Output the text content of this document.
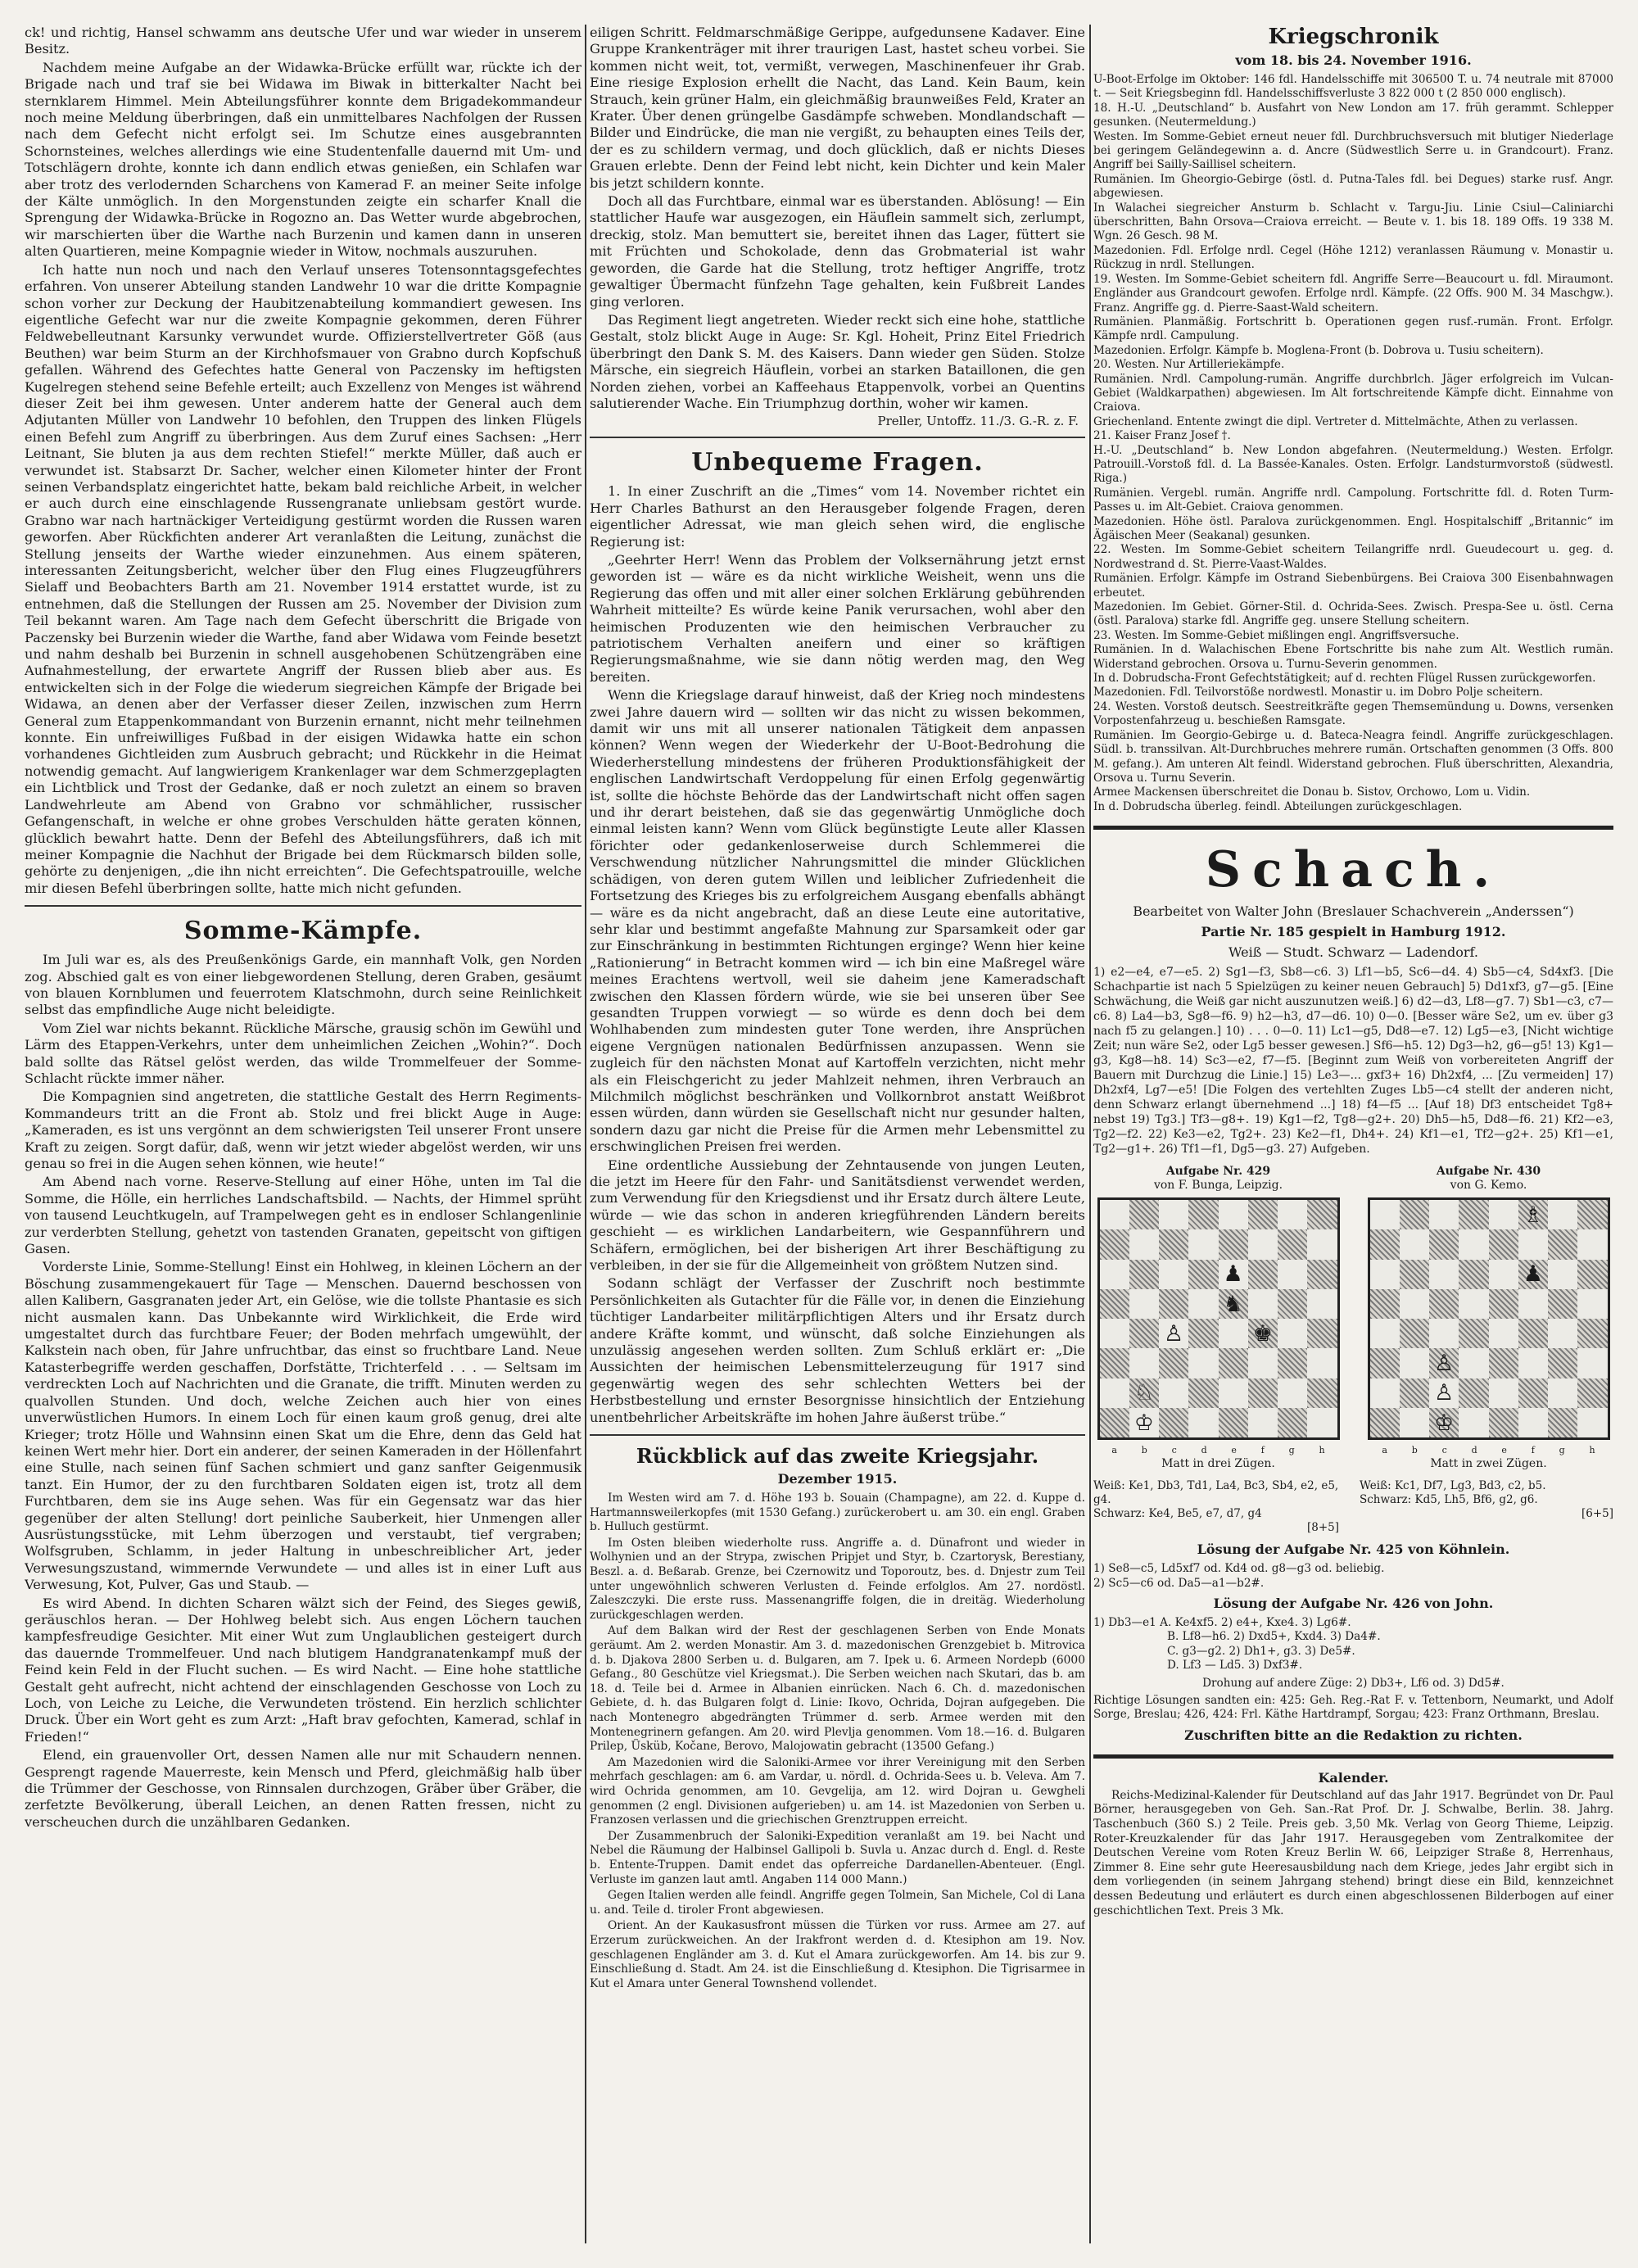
ck! und richtig, Hansel schwamm ans deutsche Ufer und war wieder in unserem Besitz.

Nachdem meine Aufgabe an der Widawka-Brücke erfüllt war, rückte ich der Brigade nach und traf sie bei Widawa im Biwak in bitterkalter Nacht bei sternklarem Himmel. Mein Abteilungsführer konnte dem Brigadekommandeur noch meine Meldung überbringen, daß ein unmittelbares Nachfolgen der Russen nach dem Gefecht nicht erfolgt sei. Im Schutze eines ausgebrannten Schornsteines, welches allerdings wie eine Studentenfalle dauernd mit Um- und Totschlägern drohte, konnte ich dann endlich etwas genießen, ein Schlafen war aber trotz des verlodernden Scharchens von Kamerad F. an meiner Seite infolge der Kälte unmöglich. In den Morgenstunden zeigte ein scharfer Knall die Sprengung der Widawka-Brücke in Rogozno an. Das Wetter wurde abgebrochen, wir marschierten über die Warthe nach Burzenin und kamen dann in unseren alten Quartieren, meine Kompagnie wieder in Witow, nochmals auszuruhen.

Ich hatte nun noch und nach den Verlauf unseres Totensonntagsgefechtes erfahren. Von unserer Abteilung standen Landwehr 10 war die dritte Kompagnie schon vorher zur Deckung der Haubitzenabteilung kommandiert gewesen. Ins eigentliche Gefecht war nur die zweite Kompagnie gekommen, deren Führer Feldwebelleutnant Karsunky verwundet wurde. Offizierstellvertreter Göß (aus Beuthen) war beim Sturm an der Kirchhofsmauer von Grabno durch Kopfschuß gefallen. Während des Gefechtes hatte General von Paczensky im heftigsten Kugelregen stehend seine Befehle erteilt; auch Exzellenz von Menges ist während dieser Zeit bei ihm gewesen. Unter anderem hatte der General auch dem Adjutanten Müller von Landwehr 10 befohlen, den Truppen des linken Flügels einen Befehl zum Angriff zu überbringen. Aus dem Zuruf eines Sachsen: „Herr Leitnant, Sie bluten ja aus dem rechten Stiefel!“ merkte Müller, daß auch er verwundet ist. Stabsarzt Dr. Sacher, welcher einen Kilometer hinter der Front seinen Verbandsplatz eingerichtet hatte, bekam bald reichliche Arbeit, in welcher er auch durch eine einschlagende Russengranate unliebsam gestört wurde. Grabno war nach hartnäckiger Verteidigung gestürmt worden die Russen waren geworfen. Aber Rückfichten anderer Art veranlaßten die Leitung, zunächst die Stellung jenseits der Warthe wieder einzunehmen. Aus einem späteren, interessanten Zeitungsbericht, welcher über den Flug eines Flugzeugführers Sielaff und Beobachters Barth am 21. November 1914 erstattet wurde, ist zu entnehmen, daß die Stellungen der Russen am 25. November der Division zum Teil bekannt waren. Am Tage nach dem Gefecht überschritt die Brigade von Paczensky bei Burzenin wieder die Warthe, fand aber Widawa vom Feinde besetzt und nahm deshalb bei Burzenin in schnell ausgehobenen Schützengräben eine Aufnahmestellung, der erwartete Angriff der Russen blieb aber aus. Es entwickelten sich in der Folge die wiederum siegreichen Kämpfe der Brigade bei Widawa, an denen aber der Verfasser dieser Zeilen, inzwischen zum Herrn General zum Etappenkommandant von Burzenin ernannt, nicht mehr teilnehmen konnte. Ein unfreiwilliges Fußbad in der eisigen Widawka hatte ein schon vorhandenes Gichtleiden zum Ausbruch gebracht; und Rückkehr in die Heimat notwendig gemacht. Auf langwierigem Krankenlager war dem Schmerzgeplagten ein Lichtblick und Trost der Gedanke, daß er noch zuletzt an einem so braven Landwehrleute am Abend von Grabno vor schmählicher, russischer Gefangenschaft, in welche er ohne grobes Verschulden hätte geraten können, glücklich bewahrt hatte. Denn der Befehl des Abteilungsführers, daß ich mit meiner Kompagnie die Nachhut der Brigade bei dem Rückmarsch bilden solle, gehörte zu denjenigen, „die ihn nicht erreichten“. Die Gefechtspatrouille, welche mir diesen Befehl überbringen sollte, hatte mich nicht gefunden.

Somme-Kämpfe.

Im Juli war es, als des Preußenkönigs Garde, ein mannhaft Volk, gen Norden zog. Abschied galt es von einer liebgewordenen Stellung, deren Graben, gesäumt von blauen Kornblumen und feuerrotem Klatschmohn, durch seine Reinlichkeit selbst das empfindliche Auge nicht beleidigte.

Vom Ziel war nichts bekannt. Rückliche Märsche, grausig schön im Gewühl und Lärm des Etappen-Verkehrs, unter dem unheimlichen Zeichen „Wohin?“. Doch bald sollte das Rätsel gelöst werden, das wilde Trommelfeuer der Somme-Schlacht rückte immer näher.

Die Kompagnien sind angetreten, die stattliche Gestalt des Herrn Regiments-Kommandeurs tritt an die Front ab. Stolz und frei blickt Auge in Auge: „Kameraden, es ist uns vergönnt an dem schwierigsten Teil unserer Front unsere Kraft zu zeigen. Sorgt dafür, daß, wenn wir jetzt wieder abgelöst werden, wir uns genau so frei in die Augen sehen können, wie heute!“

Am Abend nach vorne. Reserve-Stellung auf einer Höhe, unten im Tal die Somme, die Hölle, ein herrliches Landschaftsbild. — Nachts, der Himmel sprüht von tausend Leuchtkugeln, auf Trampelwegen geht es in endloser Schlangenlinie zur verderbten Stellung, gehetzt von tastenden Granaten, gepeitscht von giftigen Gasen.

Vorderste Linie, Somme-Stellung! Einst ein Hohlweg, in kleinen Löchern an der Böschung zusammengekauert für Tage — Menschen. Dauernd beschossen von allen Kalibern, Gasgranaten jeder Art, ein Gelöse, wie die tollste Phantasie es sich nicht ausmalen kann. Das Unbekannte wird Wirklichkeit, die Erde wird umgestaltet durch das furchtbare Feuer; der Boden mehrfach umgewühlt, der Kalkstein nach oben, für Jahre unfruchtbar, das einst so fruchtbare Land. Neue Katasterbegriffe werden geschaffen, Dorfstätte, Trichterfeld . . . — Seltsam im verdreckten Loch auf Nachrichten und die Granate, die trifft. Minuten werden zu qualvollen Stunden. Und doch, welche Zeichen auch hier von eines unverwüstlichen Humors. In einem Loch für einen kaum groß genug, drei alte Krieger; trotz Hölle und Wahnsinn einen Skat um die Ehre, denn das Geld hat keinen Wert mehr hier. Dort ein anderer, der seinen Kameraden in der Höllenfahrt eine Stulle, nach seinen fünf Sachen schmiert und ganz sanfter Geigenmusik tanzt. Ein Humor, der zu den furchtbaren Soldaten eigen ist, trotz all dem Furchtbaren, dem sie ins Auge sehen. Was für ein Gegensatz war das hier gegenüber der alten Stellung! dort peinliche Sauberkeit, hier Unmengen aller Ausrüstungsstücke, mit Lehm überzogen und verstaubt, tief vergraben; Wolfsgruben, Schlamm, in jeder Haltung in unbeschreiblicher Art, jeder Verwesungszustand, wimmernde Verwundete — und alles ist in einer Luft aus Verwesung, Kot, Pulver, Gas und Staub. —

Es wird Abend. In dichten Scharen wälzt sich der Feind, des Sieges gewiß, geräuschlos heran. — Der Hohlweg belebt sich. Aus engen Löchern tauchen kampfesfreudige Gesichter. Mit einer Wut zum Unglaublichen gesteigert durch das dauernde Trommelfeuer. Und nach blutigem Handgranatenkampf muß der Feind kein Feld in der Flucht suchen. — Es wird Nacht. — Eine hohe stattliche Gestalt geht aufrecht, nicht achtend der einschlagenden Geschosse von Loch zu Loch, von Leiche zu Leiche, die Verwundeten tröstend. Ein herzlich schlichter Druck. Über ein Wort geht es zum Arzt: „Haft brav gefochten, Kamerad, schlaf in Frieden!“

Elend, ein grauenvoller Ort, dessen Namen alle nur mit Schaudern nennen. Gesprengt ragende Mauerreste, kein Mensch und Pferd, gleichmäßig halb über die Trümmer der Geschosse, von Rinnsalen durchzogen, Gräber über Gräber, die zerfetzte Bevölkerung, überall Leichen, an denen Ratten fressen, nicht zu verscheuchen durch die unzählbaren Gedanken.

eiligen Schritt. Feldmarschmäßige Gerippe, aufgedunsene Kadaver. Eine Gruppe Krankenträger mit ihrer traurigen Last, hastet scheu vorbei. Sie kommen nicht weit, tot, vermißt, verwegen, Maschinenfeuer ihr Grab. Eine riesige Explosion erhellt die Nacht, das Land. Kein Baum, kein Strauch, kein grüner Halm, ein gleichmäßig braunweißes Feld, Krater an Krater. Über denen grüngelbe Gasdämpfe schweben. Mondlandschaft — Bilder und Eindrücke, die man nie vergißt, zu behaupten eines Teils der, der es zu schildern vermag, und doch glücklich, daß er nichts Dieses Grauen erlebte. Denn der Feind lebt nicht, kein Dichter und kein Maler bis jetzt schildern konnte.

Doch all das Furchtbare, einmal war es überstanden. Ablösung! — Ein stattlicher Haufe war ausgezogen, ein Häuflein sammelt sich, zerlumpt, dreckig, stolz. Man bemuttert sie, bereitet ihnen das Lager, füttert sie mit Früchten und Schokolade, denn das Grobmaterial ist wahr geworden, die Garde hat die Stellung, trotz heftiger Angriffe, trotz gewaltiger Übermacht fünfzehn Tage gehalten, kein Fußbreit Landes ging verloren.

Das Regiment liegt angetreten. Wieder reckt sich eine hohe, stattliche Gestalt, stolz blickt Auge in Auge: Sr. Kgl. Hoheit, Prinz Eitel Friedrich überbringt den Dank S. M. des Kaisers. Dann wieder gen Süden. Stolze Märsche, ein siegreich Häuflein, vorbei an starken Bataillonen, die gen Norden ziehen, vorbei an Kaffeehaus Etappenvolk, vorbei an Quentins salutierender Wache. Ein Triumphzug dorthin, woher wir kamen.

Preller, Untoffz. 11./3. G.-R. z. F.
Unbequeme Fragen.

1. In einer Zuschrift an die „Times“ vom 14. November richtet ein Herr Charles Bathurst an den Herausgeber folgende Fragen, deren eigentlicher Adressat, wie man gleich sehen wird, die englische Regierung ist:

„Geehrter Herr! Wenn das Problem der Volksernährung jetzt ernst geworden ist — wäre es da nicht wirkliche Weisheit, wenn uns die Regierung das offen und mit aller einer solchen Erklärung gebührenden Wahrheit mitteilte? Es würde keine Panik verursachen, wohl aber den heimischen Produzenten wie den heimischen Verbraucher zu patriotischem Verhalten aneifern und einer so kräftigen Regierungsmaßnahme, wie sie dann nötig werden mag, den Weg bereiten.

Wenn die Kriegslage darauf hinweist, daß der Krieg noch mindestens zwei Jahre dauern wird — sollten wir das nicht zu wissen bekommen, damit wir uns mit all unserer nationalen Tätigkeit dem anpassen können? Wenn wegen der Wiederkehr der U-Boot-Bedrohung die Wiederherstellung mindestens der früheren Produktionsfähigkeit der englischen Landwirtschaft Verdoppelung für einen Erfolg gegenwärtig ist, sollte die höchste Behörde das der Landwirtschaft nicht offen sagen und ihr derart beistehen, daß sie das gegenwärtig Unmögliche doch einmal leisten kann? Wenn vom Glück begünstigte Leute aller Klassen förichter oder gedankenloserweise durch Schlemmerei die Verschwendung nützlicher Nahrungsmittel die minder Glücklichen schädigen, von deren gutem Willen und leiblicher Zufriedenheit die Fortsetzung des Krieges bis zu erfolgreichem Ausgang ebenfalls abhängt — wäre es da nicht angebracht, daß an diese Leute eine autoritative, sehr klar und bestimmt angefaßte Mahnung zur Sparsamkeit oder gar zur Einschränkung in bestimmten Richtungen erginge? Wenn hier keine „Rationierung“ in Betracht kommen wird — ich bin eine Maßregel wäre meines Erachtens wertvoll, weil sie daheim jene Kameradschaft zwischen den Klassen fördern würde, wie sie bei unseren über See gesandten Truppen vorwiegt — so würde es denn doch bei dem Wohlhabenden zum mindesten guter Tone werden, ihre Ansprüchen eigene Vergnügen nationalen Bedürfnissen anzupassen. Wenn sie zugleich für den nächsten Monat auf Kartoffeln verzichten, nicht mehr als ein Fleischgericht zu jeder Mahlzeit nehmen, ihren Verbrauch an Milchmilch möglichst beschränken und Vollkornbrot anstatt Weißbrot essen würden, dann würden sie Gesellschaft nicht nur gesunder halten, sondern dazu gar nicht die Preise für die Armen mehr Lebensmittel zu erschwinglichen Preisen frei werden.

Eine ordentliche Aussiebung der Zehntausende von jungen Leuten, die jetzt im Heere für den Fahr- und Sanitätsdienst verwendet werden, zum Verwendung für den Kriegsdienst und ihr Ersatz durch ältere Leute, würde — wie das schon in anderen kriegführenden Ländern bereits geschieht — es wirklichen Landarbeitern, wie Gespannführern und Schäfern, ermöglichen, bei der bisherigen Art ihrer Beschäftigung zu verbleiben, in der sie für die Allgemeinheit von größtem Nutzen sind.

Sodann schlägt der Verfasser der Zuschrift noch bestimmte Persönlichkeiten als Gutachter für die Fälle vor, in denen die Einziehung tüchtiger Landarbeiter militärpflichtigen Alters und ihr Ersatz durch andere Kräfte kommt, und wünscht, daß solche Einziehungen als unzulässig angesehen werden sollten. Zum Schluß erklärt er: „Die Aussichten der heimischen Lebensmittelerzeugung für 1917 sind gegenwärtig wegen des sehr schlechten Wetters bei der Herbstbestellung und ernster Besorgnisse hinsichtlich der Entziehung unentbehrlicher Arbeitskräfte im hohen Jahre äußerst trübe.“

Rückblick auf das zweite Kriegsjahr.
Dezember 1915.

Im Westen wird am 7. d. Höhe 193 b. Souain (Champagne), am 22. d. Kuppe d. Hartmannsweilerkopfes (mit 1530 Gefang.) zurückerobert u. am 30. ein engl. Graben b. Hulluch gestürmt.

Im Osten bleiben wiederholte russ. Angriffe a. d. Dünafront und wieder in Wolhynien und an der Strypa, zwischen Pripjet und Styr, b. Czartorysk, Berestiany, Beszl. a. d. Beßarab. Grenze, bei Czernowitz und Toporoutz, bes. d. Dnjestr zum Teil unter ungewöhnlich schweren Verlusten d. Feinde erfolglos. Am 27. nordöstl. Zaleszczyki. Die erste russ. Massenangriffe folgen, die in dreitäg. Wiederholung zurückgeschlagen werden.

Auf dem Balkan wird der Rest der geschlagenen Serben von Ende Monats geräumt. Am 2. werden Monastir. Am 3. d. mazedonischen Grenzgebiet b. Mitrovica d. b. Djakova 2800 Serben u. d. Bulgaren, am 7. Ipek u. 6. Armeen Nordepb (6000 Gefang., 80 Geschütze viel Kriegsmat.). Die Serben weichen nach Skutari, das b. am 18. d. Teile bei d. Armee in Albanien einrücken. Nach 6. Ch. d. mazedonischen Gebiete, d. h. das Bulgaren folgt d. Linie: Ikovo, Ochrida, Dojran aufgegeben. Die nach Montenegro abgedrängten Trümmer d. serb. Armee werden mit den Montenegrinern gefangen. Am 20. wird Plevlja genommen. Vom 18.—16. d. Bulgaren Prilep, Üsküb, Kočane, Berovo, Malojowatin gebracht (13500 Gefang.)

Am Mazedonien wird die Saloniki-Armee vor ihrer Vereinigung mit den Serben mehrfach geschlagen: am 6. am Vardar, u. nördl. d. Ochrida-Sees u. b. Veleva. Am 7. wird Ochrida genommen, am 10. Gevgelija, am 12. wird Dojran u. Gewgheli genommen (2 engl. Divisionen aufgerieben) u. am 14. ist Mazedonien von Serben u. Franzosen verlassen und die griechischen Grenztruppen erreicht.

Der Zusammenbruch der Saloniki-Expedition veranlaßt am 19. bei Nacht und Nebel die Räumung der Halbinsel Gallipoli b. Suvla u. Anzac durch d. Engl. d. Reste b. Entente-Truppen. Damit endet das opferreiche Dardanellen-Abenteuer. (Engl. Verluste im ganzen laut amtl. Angaben 114 000 Mann.)

Gegen Italien werden alle feindl. Angriffe gegen Tolmein, San Michele, Col di Lana u. and. Teile d. tiroler Front abgewiesen.

Orient. An der Kaukasusfront müssen die Türken vor russ. Armee am 27. auf Erzerum zurückweichen. An der Irakfront werden d. d. Ktesiphon am 19. Nov. geschlagenen Engländer am 3. d. Kut el Amara zurückgeworfen. Am 14. bis zur 9. Einschließung d. Stadt. Am 24. ist die Einschließung d. Ktesiphon. Die Tigrisarmee in Kut el Amara unter General Townshend vollendet.

Kriegschronik
vom 18. bis 24. November 1916.
U-Boot-Erfolge im Oktober: 146 fdl. Handelsschiffe mit 306500 T. u. 74 neutrale mit 87000 t. — Seit Kriegsbeginn fdl. Handelsschiffsverluste 3 822 000 t (2 850 000 englisch).
18. H.-U. „Deutschland“ b. Ausfahrt von New London am 17. früh gerammt. Schlepper gesunken. (Neutermeldung.)
Westen. Im Somme-Gebiet erneut neuer fdl. Durchbruchsversuch mit blutiger Niederlage bei geringem Geländegewinn a. d. Ancre (Südwestlich Serre u. in Grandcourt). Franz. Angriff bei Sailly-Saillisel scheitern.
Rumänien. Im Gheorgio-Gebirge (östl. d. Putna-Tales fdl. bei Degues) starke rusf. Angr. abgewiesen.
In Walachei siegreicher Ansturm b. Schlacht v. Targu-Jiu. Linie Csiul—Caliniarchi überschritten, Bahn Orsova—Craiova erreicht. — Beute v. 1. bis 18. 189 Offs. 19 338 M. Wgn. 26 Gesch. 98 M.
Mazedonien. Fdl. Erfolge nrdl. Cegel (Höhe 1212) veranlassen Räumung v. Monastir u. Rückzug in nrdl. Stellungen.
19. Westen. Im Somme-Gebiet scheitern fdl. Angriffe Serre—Beaucourt u. fdl. Miraumont. Engländer aus Grandcourt gewofen. Erfolge nrdl. Kämpfe. (22 Offs. 900 M. 34 Maschgw.). Franz. Angriffe gg. d. Pierre-Saast-Wald scheitern.
Rumänien. Planmäßig. Fortschritt b. Operationen gegen rusf.-rumän. Front. Erfolgr. Kämpfe nrdl. Campulung.
Mazedonien. Erfolgr. Kämpfe b. Moglena-Front (b. Dobrova u. Tusiu scheitern).
20. Westen. Nur Artilleriekämpfe.
Rumänien. Nrdl. Campolung-rumän. Angriffe durchbrlch. Jäger erfolgreich im Vulcan-Gebiet (Waldkarpathen) abgewiesen. Im Alt fortschreitende Kämpfe dicht. Einnahme von Craiova.
Griechenland. Entente zwingt die dipl. Vertreter d. Mittelmächte, Athen zu verlassen.
21. Kaiser Franz Josef †.
H.-U. „Deutschland“ b. New London abgefahren. (Neutermeldung.) Westen. Erfolgr. Patrouill.-Vorstoß fdl. d. La Bassée-Kanales. Osten. Erfolgr. Landsturmvorstoß (südwestl. Riga.)
Rumänien. Vergebl. rumän. Angriffe nrdl. Campolung. Fortschritte fdl. d. Roten Turm-Passes u. im Alt-Gebiet. Craiova genommen.
Mazedonien. Höhe östl. Paralova zurückgenommen. Engl. Hospitalschiff „Britannic“ im Ägäischen Meer (Seakanal) gesunken.
22. Westen. Im Somme-Gebiet scheitern Teilangriffe nrdl. Gueudecourt u. geg. d. Nordwestrand d. St. Pierre-Vaast-Waldes.
Rumänien. Erfolgr. Kämpfe im Ostrand Siebenbürgens. Bei Craiova 300 Eisenbahnwagen erbeutet.
Mazedonien. Im Gebiet. Görner-Stil. d. Ochrida-Sees. Zwisch. Prespa-See u. östl. Cerna (östl. Paralova) starke fdl. Angriffe geg. unsere Stellung scheitern.
23. Westen. Im Somme-Gebiet mißlingen engl. Angriffsversuche.
Rumänien. In d. Walachischen Ebene Fortschritte bis nahe zum Alt. Westlich rumän. Widerstand gebrochen. Orsova u. Turnu-Severin genommen.
In d. Dobrudscha-Front Gefechtstätigkeit; auf d. rechten Flügel Russen zurückgeworfen.
Mazedonien. Fdl. Teilvorstöße nordwestl. Monastir u. im Dobro Polje scheitern.
24. Westen. Vorstoß deutsch. Seestreitkräfte gegen Themsemündung u. Downs, versenken Vorpostenfahrzeug u. beschießen Ramsgate.
Rumänien. Im Georgio-Gebirge u. d. Bateca-Neagra feindl. Angriffe zurückgeschlagen. Südl. b. transsilvan. Alt-Durchbruches mehrere rumän. Ortschaften genommen (3 Offs. 800 M. gefang.). Am unteren Alt feindl. Widerstand gebrochen. Fluß überschritten, Alexandria, Orsova u. Turnu Severin.
Armee Mackensen überschreitet die Donau b. Sistov, Orchowo, Lom u. Vidin.
In d. Dobrudscha überleg. feindl. Abteilungen zurückgeschlagen.
Schach.
Bearbeitet von Walter John (Breslauer Schachverein „Anderssen“)
Partie Nr. 185 gespielt in Hamburg 1912.
Weiß — Studt. Schwarz — Ladendorf.

1) e2—e4, e7—e5. 2) Sg1—f3, Sb8—c6. 3) Lf1—b5, Sc6—d4. 4) Sb5—c4, Sd4xf3. [Die Schachpartie ist nach 5 Spielzügen zu keiner neuen Gebrauch] 5) Dd1xf3, g7—g5. [Eine Schwächung, die Weiß gar nicht auszunutzen weiß.] 6) d2—d3, Lf8—g7. 7) Sb1—c3, c7—c6. 8) La4—b3, Sg8—f6. 9) h2—h3, d7—d6. 10) 0—0. [Besser wäre Se2, um ev. über g3 nach f5 zu gelangen.] 10) . . . 0—0. 11) Lc1—g5, Dd8—e7. 12) Lg5—e3, [Nicht wichtige Zeit; nun wäre Se2, oder Lg5 besser gewesen.] Sf6—h5. 12) Dg3—h2, g6—g5! 13) Kg1—g3, Kg8—h8. 14) Sc3—e2, f7—f5. [Beginnt zum Weiß von vorbereiteten Angriff der Bauern mit Durchzug die Linie.] 15) Le3—... gxf3+ 16) Dh2xf4, ... [Zu vermeiden] 17) Dh2xf4, Lg7—e5! [Die Folgen des vertehlten Zuges Lb5—c4 stellt der anderen nicht, denn Schwarz erlangt übernehmend ...] 18) f4—f5 ... [Auf 18) Df3 entscheidet Tg8+ nebst 19) Tg3.] Tf3—g8+. 19) Kg1—f2, Tg8—g2+. 20) Dh5—h5, Dd8—f6. 21) Kf2—e3, Tg2—f2. 22) Ke3—e2, Tg2+. 23) Ke2—f1, Dh4+. 24) Kf1—e1, Tf2—g2+. 25) Kf1—e1, Tg2—g1+. 26) Tf1—f1, Dg5—g3. 27) Aufgeben.

Aufgabe Nr. 429
von F. Bunga, Leipzig.
♟
♞
♙	♚
♘
♔
a	b	c	d	e	f	g	h
Matt in drei Zügen.
Aufgabe Nr. 430
von G. Kemo.
♗
♟
♙
♙
♔
a	b	c	d	e	f	g	h
Matt in zwei Zügen.
Weiß: Ke1, Db3, Td1, La4, Bc3, Sb4, e2, e5, g4.
Schwarz: Ke4, Be5, e7, d7, g4
[8+5]
Weiß: Kc1, Df7, Lg3, Bd3, c2, b5.
Schwarz: Kd5, Lh5, Bf6, g2, g6.
[6+5]
Lösung der Aufgabe Nr. 425 von Köhnlein.
1) Se8—c5, Ld5xf7 od. Kd4 od. g8—g3 od. beliebig.
2) Sc5—c6 od. Da5—a1—b2#.
Lösung der Aufgabe Nr. 426 von John.
1) Db3—e1 A. Ke4xf5. 2) e4+, Kxe4. 3) Lg6#.
B. Lf8—h6. 2) Dxd5+, Kxd4. 3) Da4#.
C. g3—g2. 2) Dh1+, g3. 3) De5#.
D. Lf3 — Ld5. 3) Dxf3#.
Drohung auf andere Züge: 2) Db3+, Lf6 od. 3) Dd5#.
Richtige Lösungen sandten ein: 425: Geh. Reg.-Rat F. v. Tettenborn, Neumarkt, und Adolf Sorge, Breslau; 426, 424: Frl. Käthe Hartdrampf, Sorgau; 423: Franz Orthmann, Breslau.
Zuschriften bitte an die Redaktion zu richten.
Kalender.

Reichs-Medizinal-Kalender für Deutschland auf das Jahr 1917. Begründet von Dr. Paul Börner, herausgegeben von Geh. San.-Rat Prof. Dr. J. Schwalbe, Berlin. 38. Jahrg. Taschenbuch (360 S.) 2 Teile. Preis geb. 3,50 Mk. Verlag von Georg Thieme, Leipzig. Roter-Kreuzkalender für das Jahr 1917. Herausgegeben vom Zentralkomitee der Deutschen Vereine vom Roten Kreuz Berlin W. 66, Leipziger Straße 8, Herrenhaus, Zimmer 8. Eine sehr gute Heeresausbildung nach dem Kriege, jedes Jahr ergibt sich in dem vorliegenden (in seinem Jahrgang stehend) bringt diese ein Bild, kennzeichnet dessen Bedeutung und erläutert es durch einen abgeschlossenen Bilderbogen auf einer geschichtlichen Text. Preis 3 Mk.
